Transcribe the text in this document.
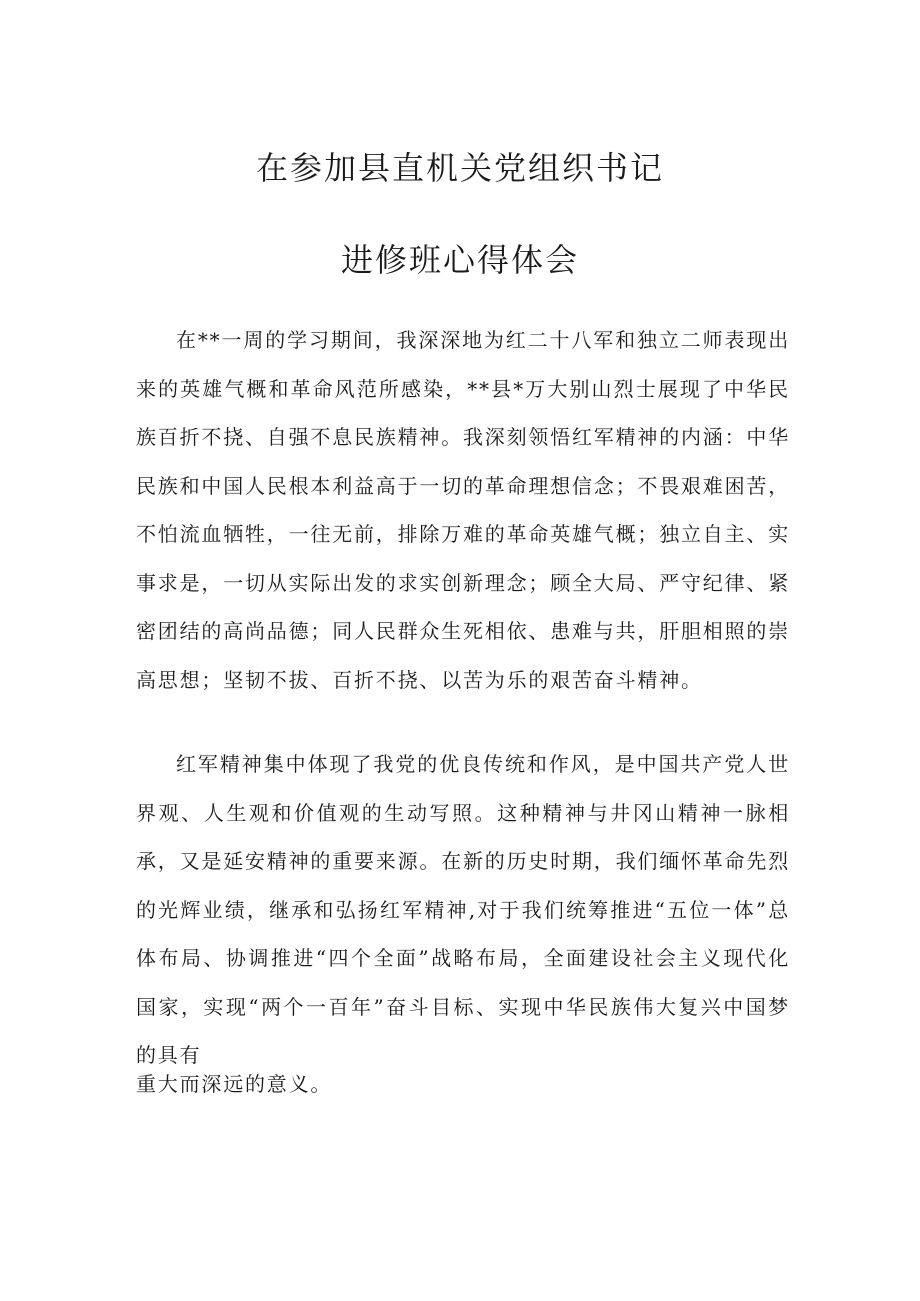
在参加县直机关党组织书记
进修班心得体会

在**一周的学习期间，我深深地为红二十八军和独立二师表现出来的英雄气概和革命风范所感染，**县*万大别山烈士展现了中华民族百折不挠、自强不息民族精神。我深刻领悟红军精神的内涵：中华民族和中国人民根本利益高于一切的革命理想信念；不畏艰难困苦，不怕流血牺牲，一往无前，排除万难的革命英雄气概；独立自主、实事求是，一切从实际出发的求实创新理念；顾全大局、严守纪律、紧密团结的高尚品德；同人民群众生死相依、患难与共，肝胆相照的崇高思想；坚韧不拔、百折不挠、以苦为乐的艰苦奋斗精神。

红军精神集中体现了我党的优良传统和作风，是中国共产党人世界观、人生观和价值观的生动写照。这种精神与井冈山精神一脉相承，又是延安精神的重要来源。在新的历史时期，我们缅怀革命先烈的光辉业绩，继承和弘扬红军精神,对于我们统筹推进“五位一体”总体布局、协调推进“四个全面”战略布局，全面建设社会主义现代化国家，实现“两个一百年”奋斗目标、实现中华民族伟大复兴中国梦的具有

重大而深远的意义。
